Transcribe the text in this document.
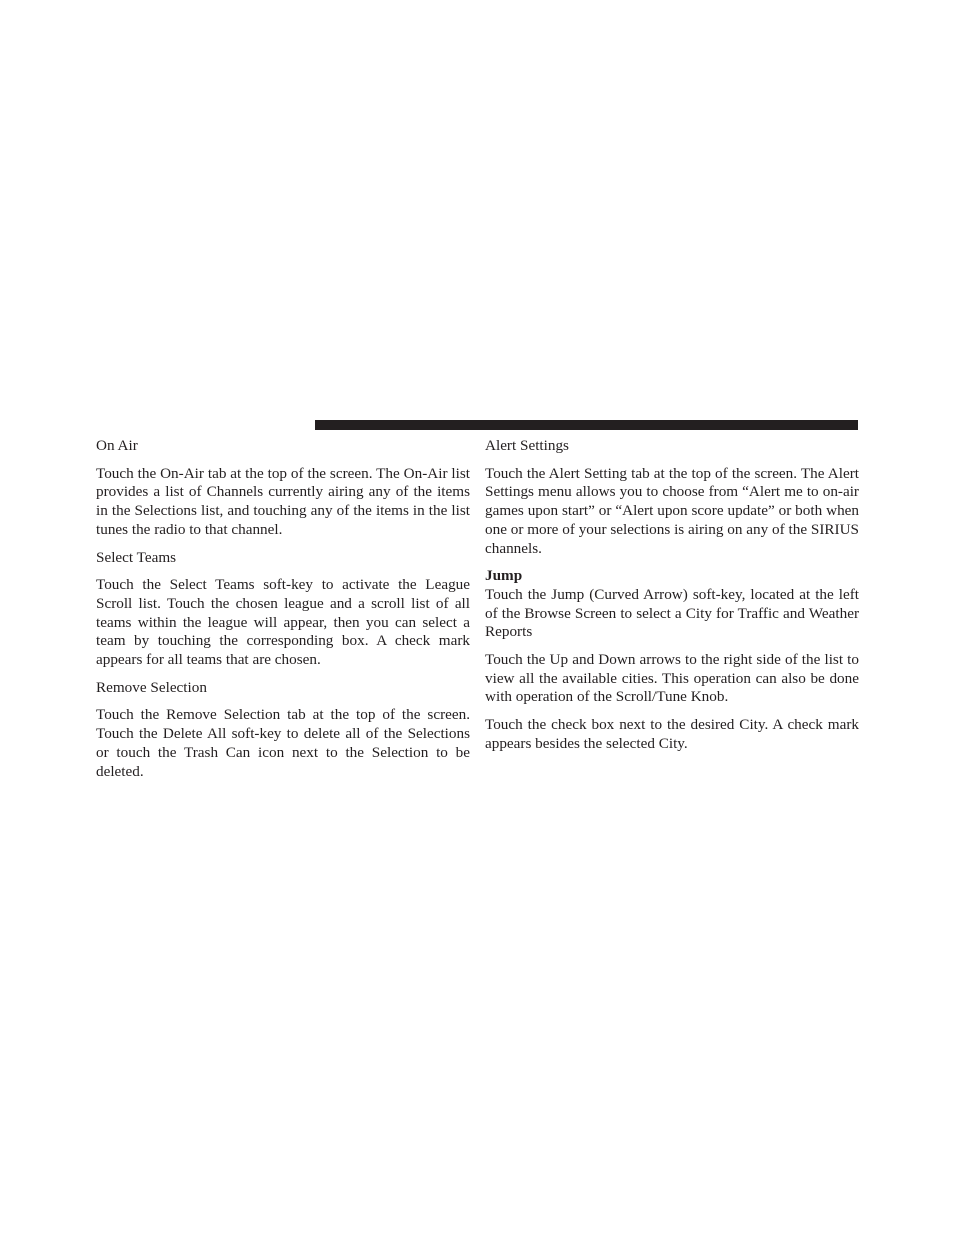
On Air

Touch the On-Air tab at the top of the screen. The On-Air list provides a list of Channels currently airing any of the items in the Selections list, and touching any of the items in the list tunes the radio to that channel.

Select Teams

Touch the Select Teams soft-key to activate the League Scroll list. Touch the chosen league and a scroll list of all teams within the league will appear, then you can select a team by touching the corresponding box. A check mark appears for all teams that are chosen.

Remove Selection

Touch the Remove Selection tab at the top of the screen. Touch the Delete All soft-key to delete all of the Selections or touch the Trash Can icon next to the Selection to be deleted.

Alert Settings

Touch the Alert Setting tab at the top of the screen. The Alert Settings menu allows you to choose from “Alert me to on-air games upon start” or “Alert upon score update” or both when one or more of your selections is airing on any of the SIRIUS channels.

Jump

Touch the Jump (Curved Arrow) soft-key, located at the left of the Browse Screen to select a City for Traffic and Weather Reports

Touch the Up and Down arrows to the right side of the list to view all the available cities. This operation can also be done with operation of the Scroll/Tune Knob.

Touch the check box next to the desired City. A check mark appears besides the selected City.
